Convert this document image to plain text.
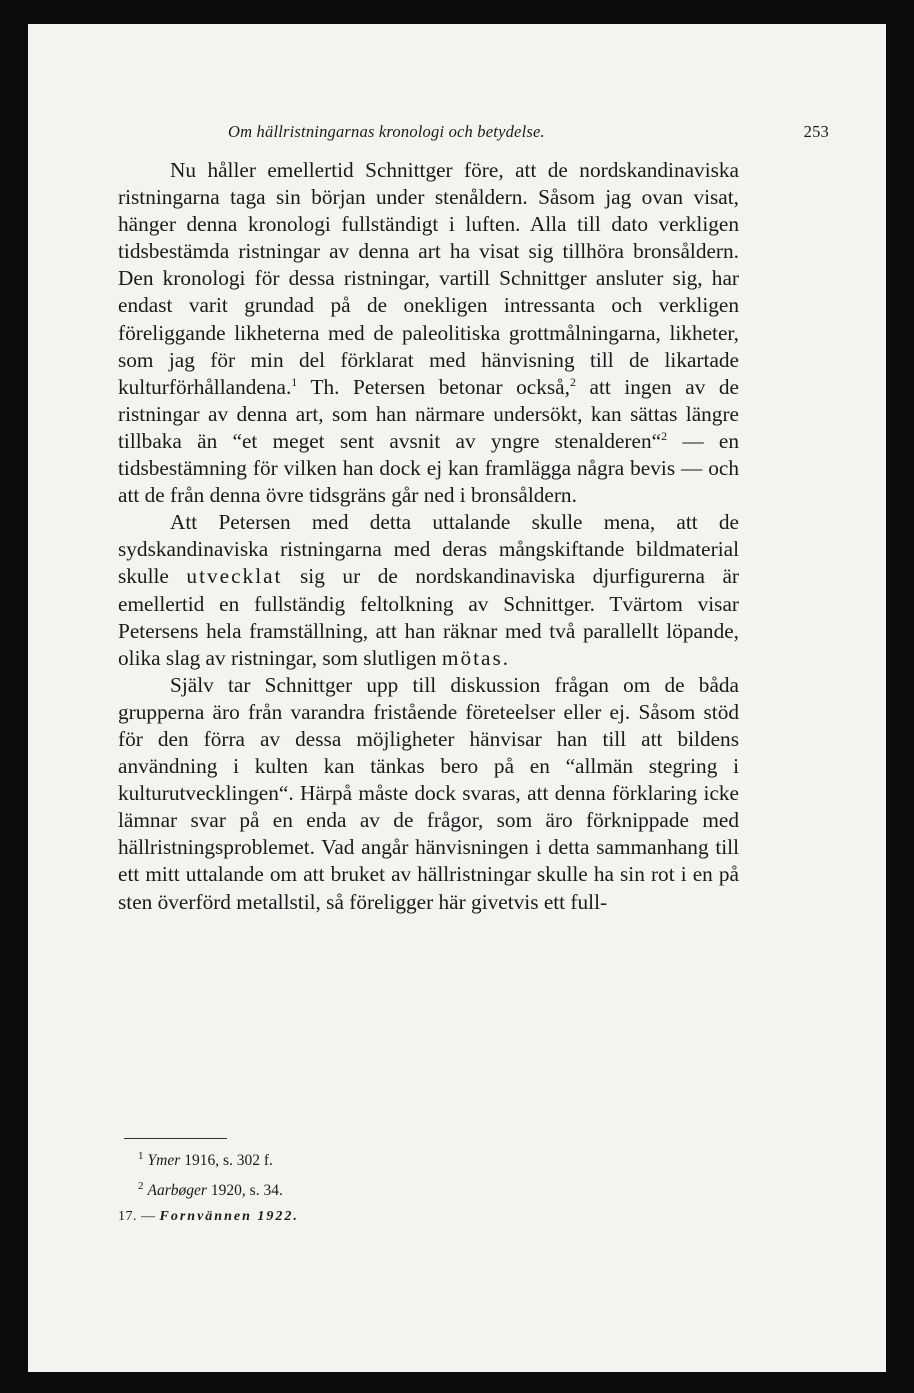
Om hällristningarnas kronologi och betydelse.	253

Nu håller emellertid Schnittger före, att de nordskandinaviska ristningarna taga sin början under stenåldern. Såsom jag ovan visat, hänger denna kronologi fullständigt i luften. Alla till dato verkligen tidsbestämda ristningar av denna art ha visat sig tillhöra bronsåldern. Den kronologi för dessa ristningar, vartill Schnittger ansluter sig, har endast varit grundad på de onekligen intressanta och verkligen föreliggande likheterna med de paleolitiska grottmålningarna, likheter, som jag för min del förklarat med hänvisning till de likartade kulturförhållandena.$^1$ Th. Petersen betonar också,$^2$ att ingen av de ristningar av denna art, som han närmare undersökt, kan sättas längre tillbaka än “et meget sent avsnit av yngre stenalderen“$^2$ — en tidsbestämning för vilken han dock ej kan framlägga några bevis — och att de från denna övre tidsgräns går ned i bronsåldern.

Att Petersen med detta uttalande skulle mena, att de sydskandinaviska ristningarna med deras mångskiftande bildmaterial skulle utvecklat sig ur de nordskandinaviska djurfigurerna är emellertid en fullständig feltolkning av Schnittger. Tvärtom visar Petersens hela framställning, att han räknar med två parallellt löpande, olika slag av ristningar, som slutligen mötas.

Själv tar Schnittger upp till diskussion frågan om de båda grupperna äro från varandra fristående företeelser eller ej. Såsom stöd för den förra av dessa möjligheter hänvisar han till att bildens användning i kulten kan tänkas bero på en “allmän stegring i kulturutvecklingen“. Härpå måste dock svaras, att denna förklaring icke lämnar svar på en enda av de frågor, som äro förknippade med hällristningsproblemet. Vad angår hänvisningen i detta sammanhang till ett mitt uttalande om att bruket av hällristningar skulle ha sin rot i en på sten överförd metallstil, så föreligger här givetvis ett full-

$^1$ Ymer 1916, s. 302 f.
$^2$ Aarbøger 1920, s. 34.
17. — Fornvännen 1922.
